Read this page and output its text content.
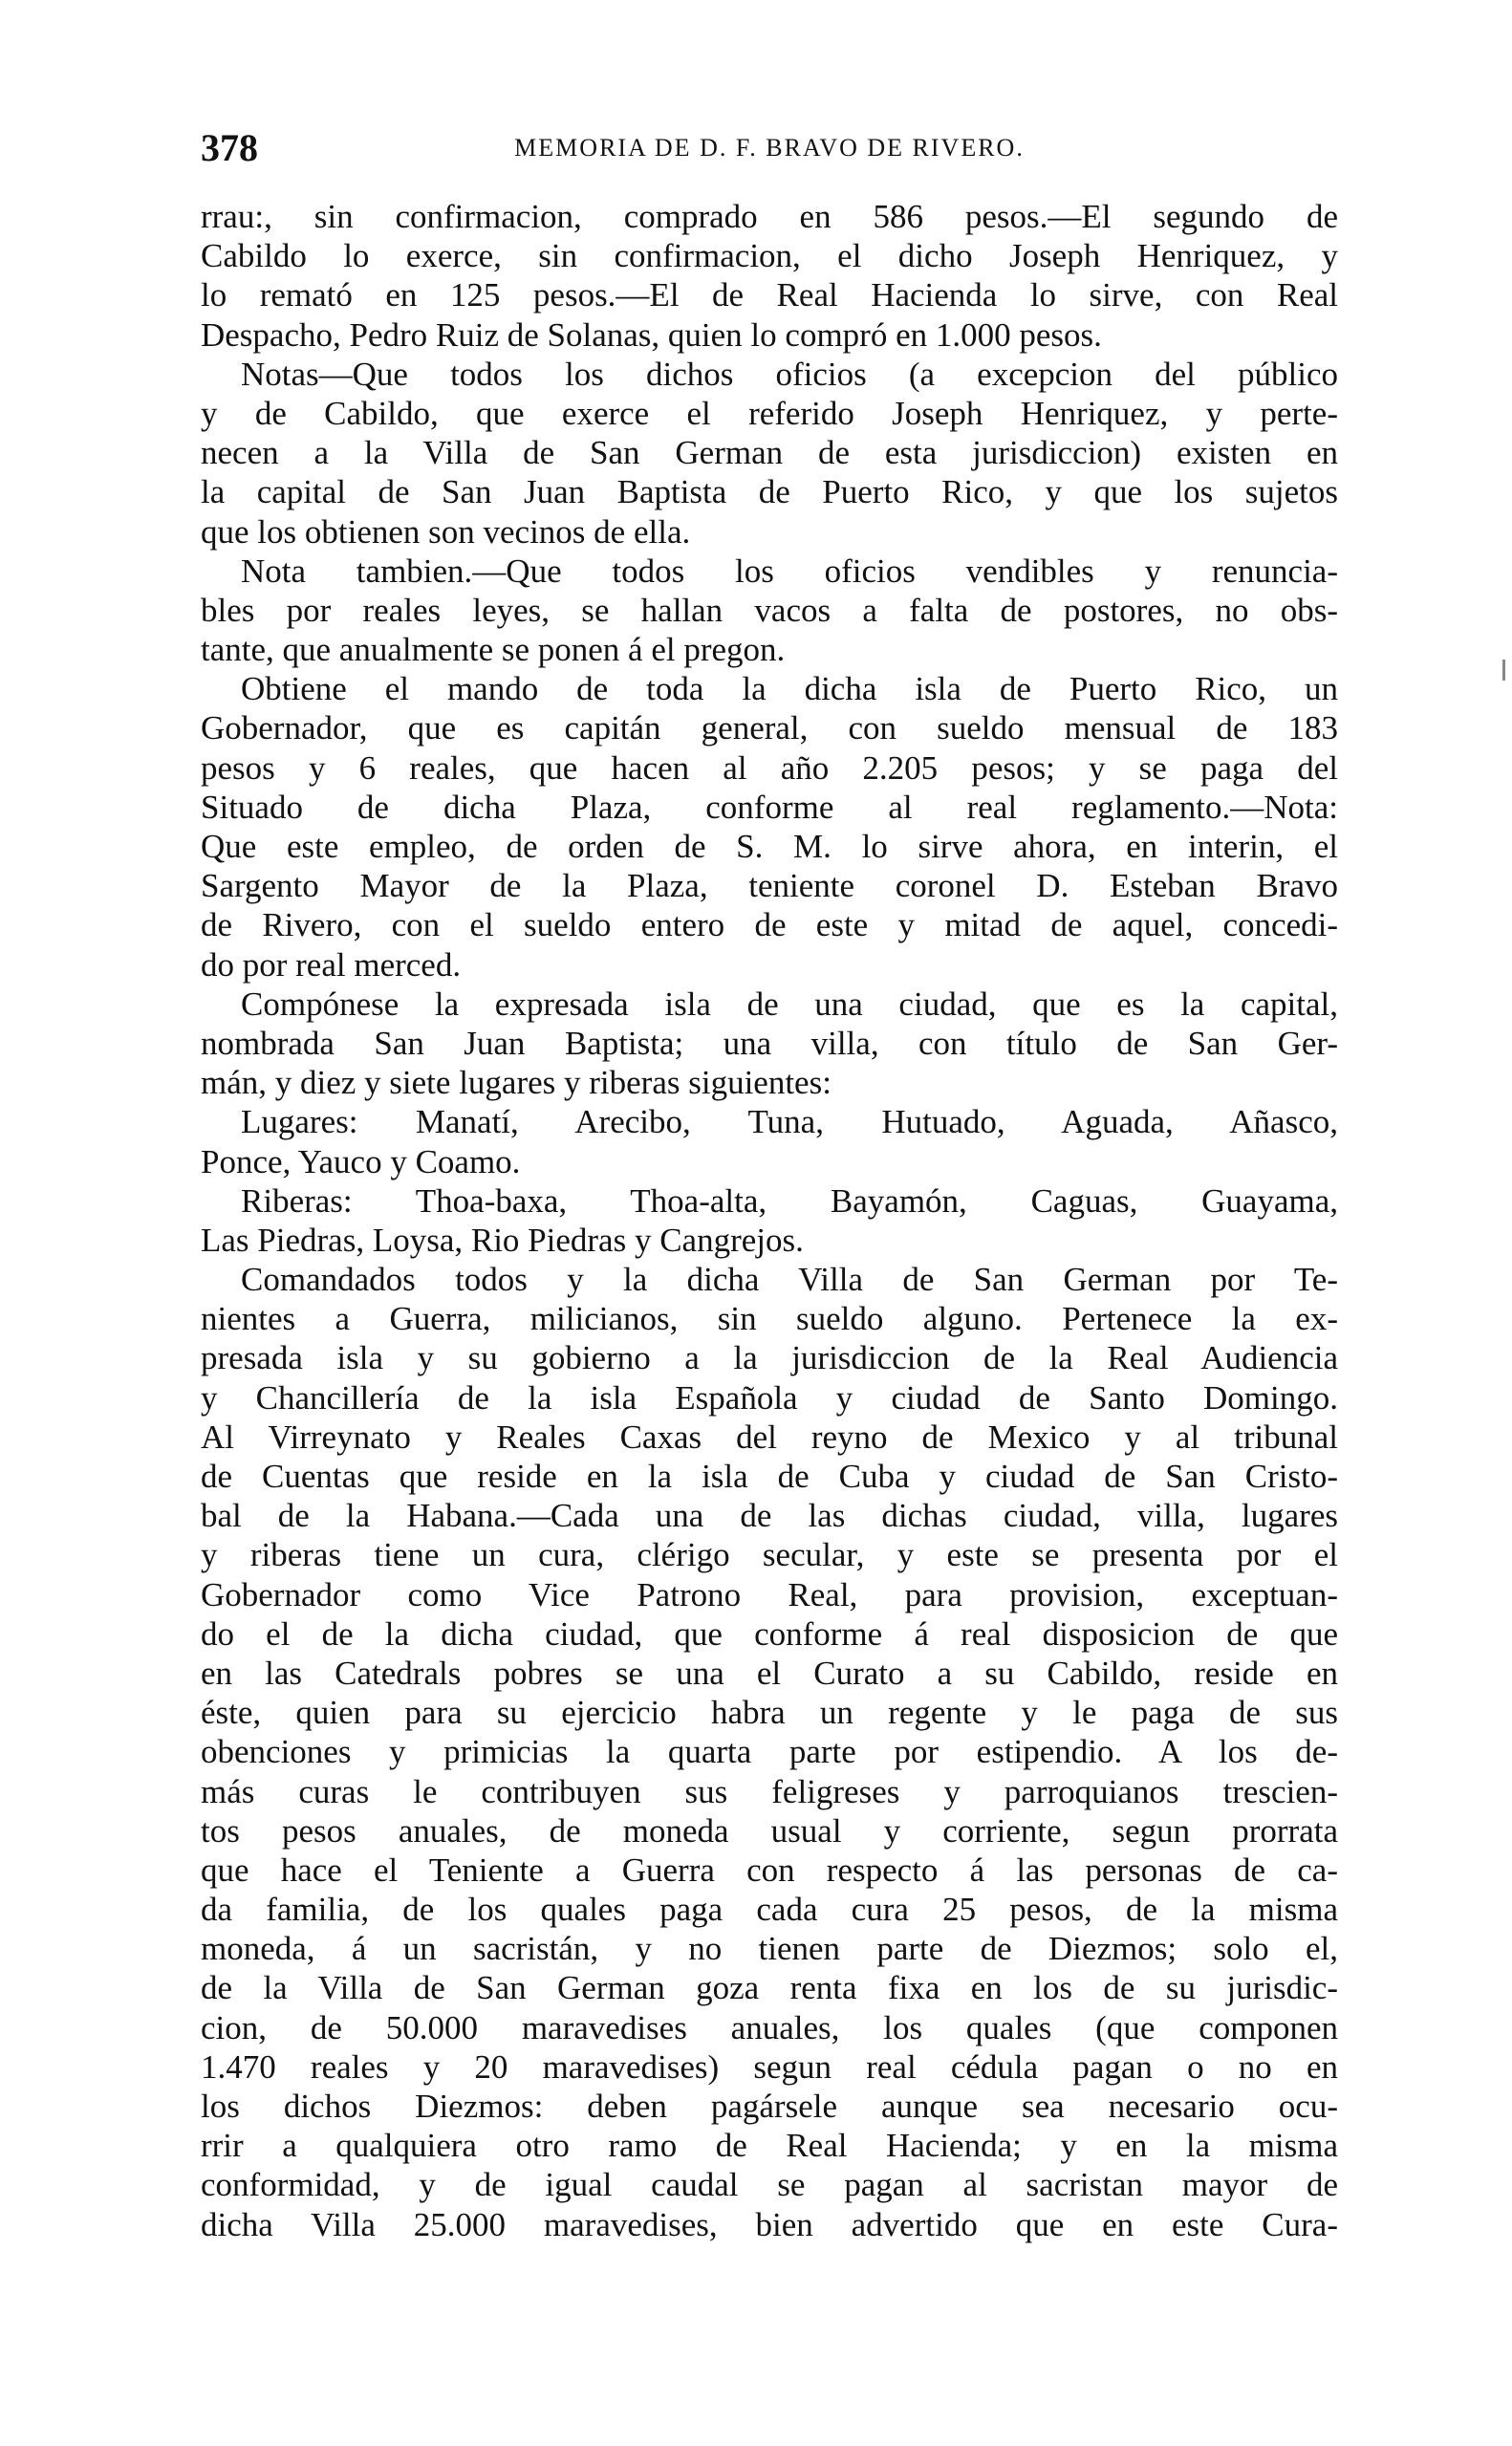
378	MEMORIA DE D. F. BRAVO DE RIVERO.
rrau:, sin confirmacion, comprado en 586 pesos.—El segundo de
Cabildo lo exerce, sin confirmacion, el dicho Joseph Henriquez, y
lo remató en 125 pesos.—El de Real Hacienda lo sirve, con Real
Despacho, Pedro Ruiz de Solanas, quien lo compró en 1.000 pesos.
Notas—Que todos los dichos oficios (a excepcion del público
y de Cabildo, que exerce el referido Joseph Henriquez, y perte-
necen a la Villa de San German de esta jurisdiccion) existen en
la capital de San Juan Baptista de Puerto Rico, y que los sujetos
que los obtienen son vecinos de ella.
Nota tambien.—Que todos los oficios vendibles y renuncia-
bles por reales leyes, se hallan vacos a falta de postores, no obs-
tante, que anualmente se ponen á el pregon.
Obtiene el mando de toda la dicha isla de Puerto Rico, un
Gobernador, que es capitán general, con sueldo mensual de 183
pesos y 6 reales, que hacen al año 2.205 pesos; y se paga del
Situado de dicha Plaza, conforme al real reglamento.—Nota:
Que este empleo, de orden de S. M. lo sirve ahora, en interin, el
Sargento Mayor de la Plaza, teniente coronel D. Esteban Bravo
de Rivero, con el sueldo entero de este y mitad de aquel, concedi-
do por real merced.
Compónese la expresada isla de una ciudad, que es la capital,
nombrada San Juan Baptista; una villa, con título de San Ger-
mán, y diez y siete lugares y riberas siguientes:
Lugares: Manatí, Arecibo, Tuna, Hutuado, Aguada, Añasco,
Ponce, Yauco y Coamo.
Riberas: Thoa-baxa, Thoa-alta, Bayamón, Caguas, Guayama,
Las Piedras, Loysa, Rio Piedras y Cangrejos.
Comandados todos y la dicha Villa de San German por Te-
nientes a Guerra, milicianos, sin sueldo alguno. Pertenece la ex-
presada isla y su gobierno a la jurisdiccion de la Real Audiencia
y Chancillería de la isla Española y ciudad de Santo Domingo.
Al Virreynato y Reales Caxas del reyno de Mexico y al tribunal
de Cuentas que reside en la isla de Cuba y ciudad de San Cristo-
bal de la Habana.—Cada una de las dichas ciudad, villa, lugares
y riberas tiene un cura, clérigo secular, y este se presenta por el
Gobernador como Vice Patrono Real, para provision, exceptuan-
do el de la dicha ciudad, que conforme á real disposicion de que
en las Catedrals pobres se una el Curato a su Cabildo, reside en
éste, quien para su ejercicio habra un regente y le paga de sus
obenciones y primicias la quarta parte por estipendio. A los de-
más curas le contribuyen sus feligreses y parroquianos trescien-
tos pesos anuales, de moneda usual y corriente, segun prorrata
que hace el Teniente a Guerra con respecto á las personas de ca-
da familia, de los quales paga cada cura 25 pesos, de la misma
moneda, á un sacristán, y no tienen parte de Diezmos; solo el,
de la Villa de San German goza renta fixa en los de su jurisdic-
cion, de 50.000 maravedises anuales, los quales (que componen
1.470 reales y 20 maravedises) segun real cédula pagan o no en
los dichos Diezmos: deben pagársele aunque sea necesario ocu-
rrir a qualquiera otro ramo de Real Hacienda; y en la misma
conformidad, y de igual caudal se pagan al sacristan mayor de
dicha Villa 25.000 maravedises, bien advertido que en este Cura-
